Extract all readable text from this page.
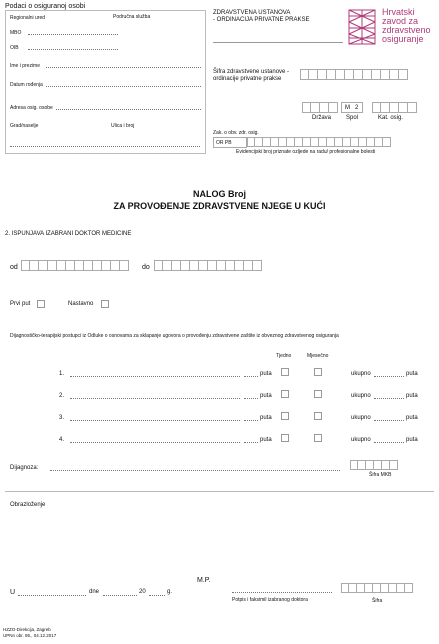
Podaci o osiguranoj osobi
Regionalni ured	Područna služba
MBO
OIB
Ime i prezime
Datum rođenja
Adresa osig. osobe
Grad/naselje	Ulica i broj
ZDRAVSTVENA USTANOVA
- ORDINACIJA PRIVATNE PRAKSE
Hrvatski
zavod za
zdravstveno
osiguranje
Šifra zdravstvene ustanove -
ordinacije privatne prakse
M 2
Država Spol	Kat. osig.
Zak. o obv. zdr. osig.
OR PB
Evidencijski broj priznate ozljede na radu/ profesionalne bolesti
NALOG Broj
ZA PROVOĐENJE ZDRAVSTVENE NJEGE U KUĆI
2. ISPUNJAVA IZABRANI DOKTOR MEDICINE
od	do
Prvi put	Nastavno
Dijagnostičko-terapijski postupci iz Odluke o osnovama za sklapanje ugovora o provođenju zdravstvene zaštite iz obveznog zdravstvenog osiguranja
Tjedno	Mjesečno
1.	puta	ukupno	puta
2.	puta	ukupno	puta
3.	puta	ukupno	puta
4.	puta	ukupno	puta
Dijagnoza:
Šifra MKB
Obrazloženje
M.P.
U	dne	20	g.
Potpis i faksimil izabranog doktora	Šifra
HZZO-Direkcija, Zagreb
UPNn obr. 95., 04.12.2017
